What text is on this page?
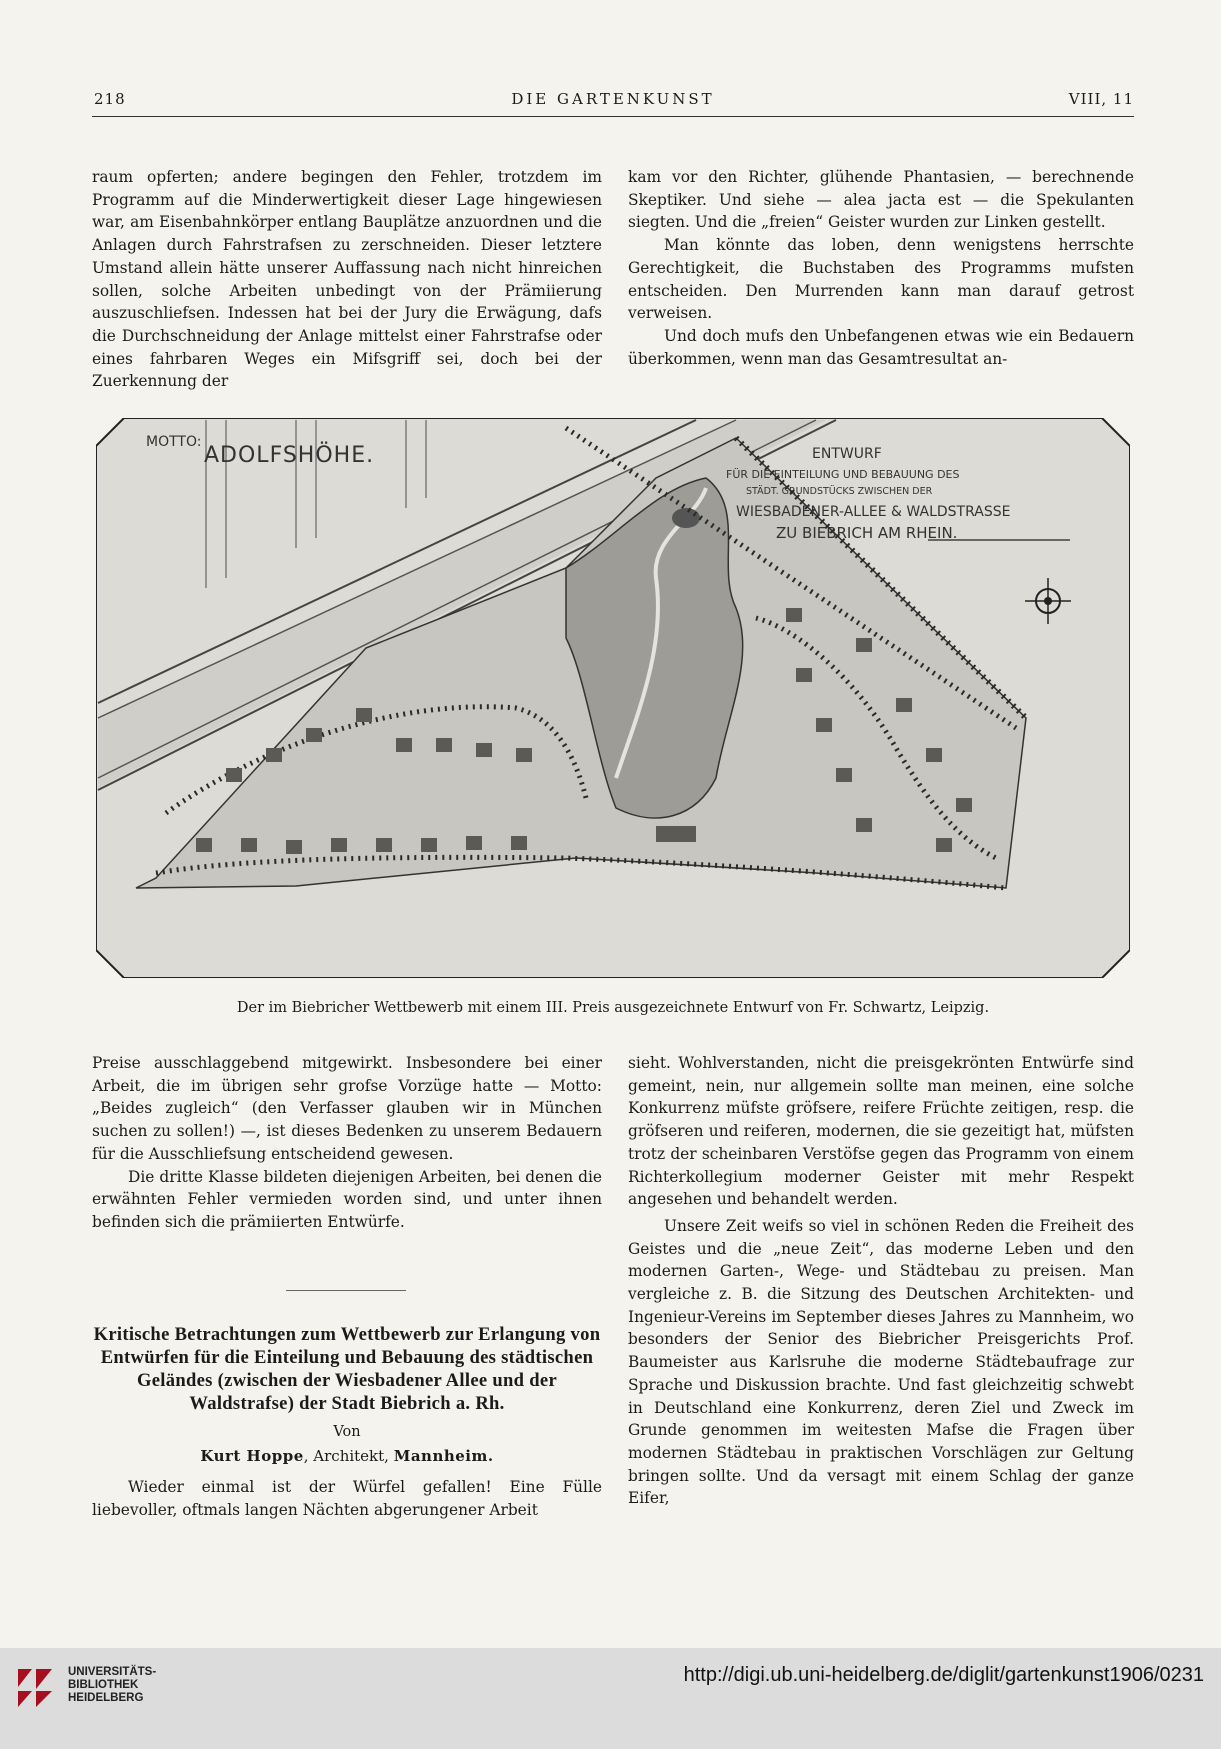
218	DIE GARTENKUNST	VIII, 11

raum opferten; andere begingen den Fehler, trotzdem im Programm auf die Minderwertigkeit dieser Lage hingewiesen war, am Eisenbahnkörper entlang Bauplätze anzuordnen und die Anlagen durch Fahrstrafsen zu zerschneiden. Dieser letztere Umstand allein hätte unserer Auffassung nach nicht hinreichen sollen, solche Arbeiten unbedingt von der Prämiierung auszuschliefsen. Indessen hat bei der Jury die Erwägung, dafs die Durchschneidung der Anlage mittelst einer Fahrstrafse oder eines fahrbaren Weges ein Mifsgriff sei, doch bei der Zuerkennung der

kam vor den Richter, glühende Phantasien, — berechnende Skeptiker. Und siehe — alea jacta est — die Spekulanten siegten. Und die „freien“ Geister wurden zur Linken gestellt.

Man könnte das loben, denn wenigstens herrschte Gerechtigkeit, die Buchstaben des Programms mufsten entscheiden. Den Murrenden kann man darauf getrost verweisen.

Und doch mufs den Unbefangenen etwas wie ein Bedauern überkommen, wenn man das Gesamtresultat an-

MOTTO:
ADOLFSHÖHE.	ENTWURF
FÜR DIE EINTEILUNG UND BEBAUUNG DES
STÄDT. GRUNDSTÜCKS ZWISCHEN DER
WIESBADENER-ALLEE & WALDSTRASSE
ZU BIEBRICH AM RHEIN.
Der im Biebricher Wettbewerb mit einem III. Preis ausgezeichnete Entwurf von Fr. Schwartz, Leipzig.

Preise ausschlaggebend mitgewirkt. Insbesondere bei einer Arbeit, die im übrigen sehr grofse Vorzüge hatte — Motto: „Beides zugleich“ (den Verfasser glauben wir in München suchen zu sollen!) —, ist dieses Bedenken zu unserem Bedauern für die Ausschliefsung entscheidend gewesen.

Die dritte Klasse bildeten diejenigen Arbeiten, bei denen die erwähnten Fehler vermieden worden sind, und unter ihnen befinden sich die prämiierten Entwürfe.

Kritische Betrachtungen zum Wettbewerb zur Erlangung von Entwürfen für die Einteilung und Bebauung des städtischen Geländes (zwischen der Wiesbadener Allee und der Waldstrafse) der Stadt Biebrich a. Rh.
Von
Kurt Hoppe, Architekt, Mannheim.

Wieder einmal ist der Würfel gefallen! Eine Fülle liebevoller, oftmals langen Nächten abgerungener Arbeit

sieht. Wohlverstanden, nicht die preisgekrönten Entwürfe sind gemeint, nein, nur allgemein sollte man meinen, eine solche Konkurrenz müfste gröfsere, reifere Früchte zeitigen, resp. die gröfseren und reiferen, modernen, die sie gezeitigt hat, müfsten trotz der scheinbaren Verstöfse gegen das Programm von einem Richterkollegium moderner Geister mit mehr Respekt angesehen und behandelt werden.

Unsere Zeit weifs so viel in schönen Reden die Freiheit des Geistes und die „neue Zeit“, das moderne Leben und den modernen Garten-, Wege- und Städtebau zu preisen. Man vergleiche z. B. die Sitzung des Deutschen Architekten- und Ingenieur-Vereins im September dieses Jahres zu Mannheim, wo besonders der Senior des Biebricher Preisgerichts Prof. Baumeister aus Karlsruhe die moderne Städtebaufrage zur Sprache und Diskussion brachte. Und fast gleichzeitig schwebt in Deutschland eine Konkurrenz, deren Ziel und Zweck im Grunde genommen im weitesten Mafse die Fragen über modernen Städtebau in praktischen Vorschlägen zur Geltung bringen sollte. Und da versagt mit einem Schlag der ganze Eifer,

UNIVERSITÄTS-
BIBLIOTHEK
HEIDELBERG
http://digi.ub.uni-heidelberg.de/diglit/gartenkunst1906/0231
